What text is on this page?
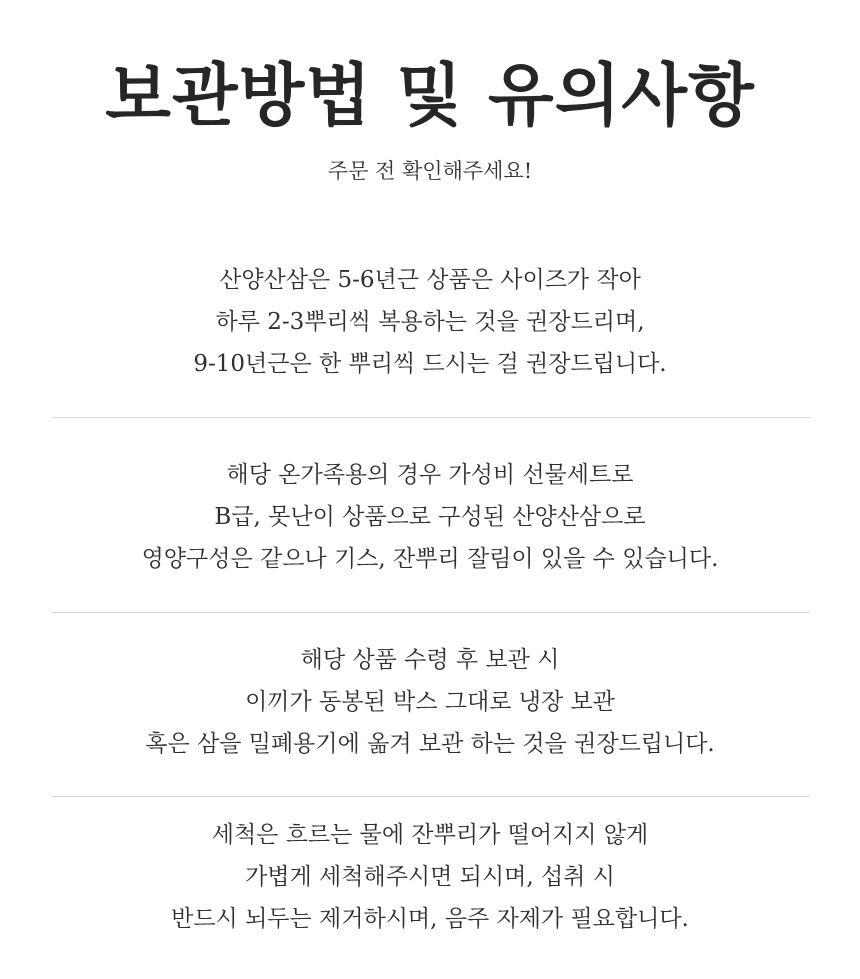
보관방법 및 유의사항
주문 전 확인해주세요!
산양산삼은 5-6년근 상품은 사이즈가 작아
하루 2-3뿌리씩 복용하는 것을 권장드리며,
9-10년근은 한 뿌리씩 드시는 걸 권장드립니다.
해당 온가족용의 경우 가성비 선물세트로
B급, 못난이 상품으로 구성된 산양산삼으로
영양구성은 같으나 기스, 잔뿌리 잘림이 있을 수 있습니다.
해당 상품 수령 후 보관 시
이끼가 동봉된 박스 그대로 냉장 보관
혹은 삼을 밀폐용기에 옮겨 보관 하는 것을 권장드립니다.
세척은 흐르는 물에 잔뿌리가 떨어지지 않게
가볍게 세척해주시면 되시며, 섭취 시
반드시 뇌두는 제거하시며, 음주 자제가 필요합니다.
